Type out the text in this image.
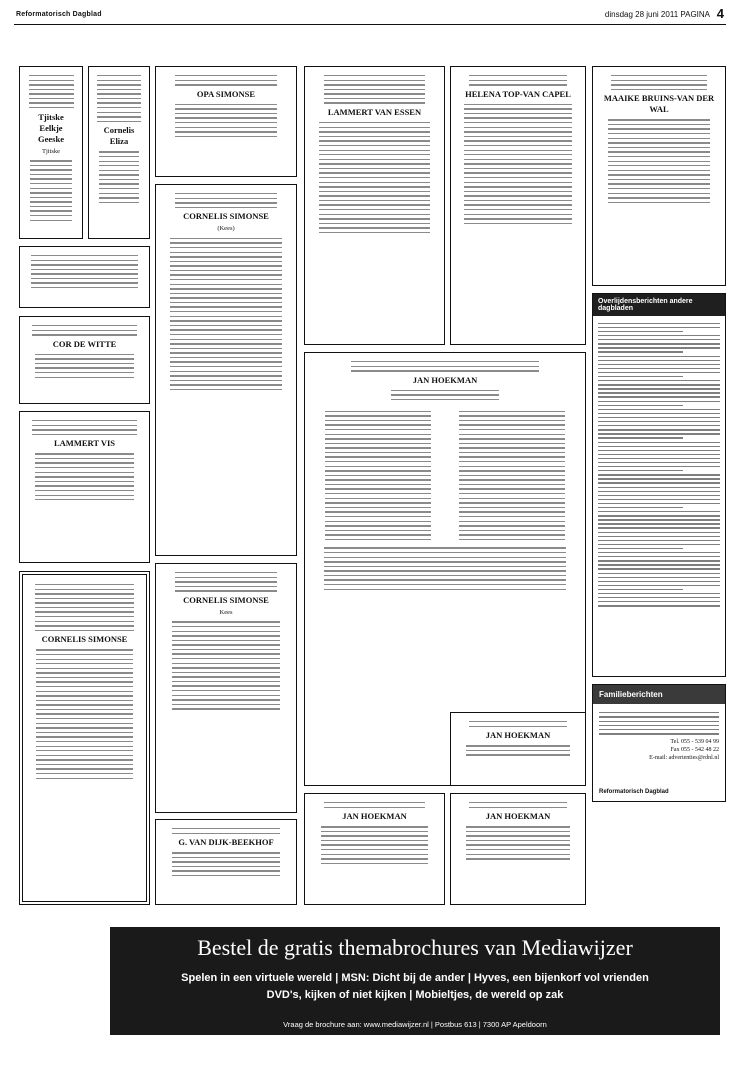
Reformatorisch Dagblad	dinsdag 28 juni 2011 PAGINA 4
Tjitske Eelkje Geeske
Tjitske
Cornelis Eliza
COR DE WITTE
LAMMERT VIS
CORNELIS SIMONSE
OPA SIMONSE
CORNELIS SIMONSE
(Kees)
CORNELIS SIMONSE
Kees
G. VAN DIJK-BEEKHOF
LAMMERT VAN ESSEN
JAN HOEKMAN
JAN HOEKMAN
HELENA TOP-VAN CAPEL
JAN HOEKMAN
JAN HOEKMAN
MAAIKE BRUINS-VAN DER WAL
Overlijdensberichten andere dagbladen
Familieberichten
Tel. 055 - 539 04 99
Fax 055 - 542 48 22
E-mail: advertenties@rdnl.nl
Reformatorisch Dagblad
Bestel de gratis themabrochures van Mediawijzer
Spelen in een virtuele wereld | MSN: Dicht bij de ander | Hyves, een bijenkorf vol vrienden
DVD's, kijken of niet kijken | Mobieltjes, de wereld op zak
Vraag de brochure aan: www.mediawijzer.nl | Postbus 613 | 7300 AP Apeldoorn
